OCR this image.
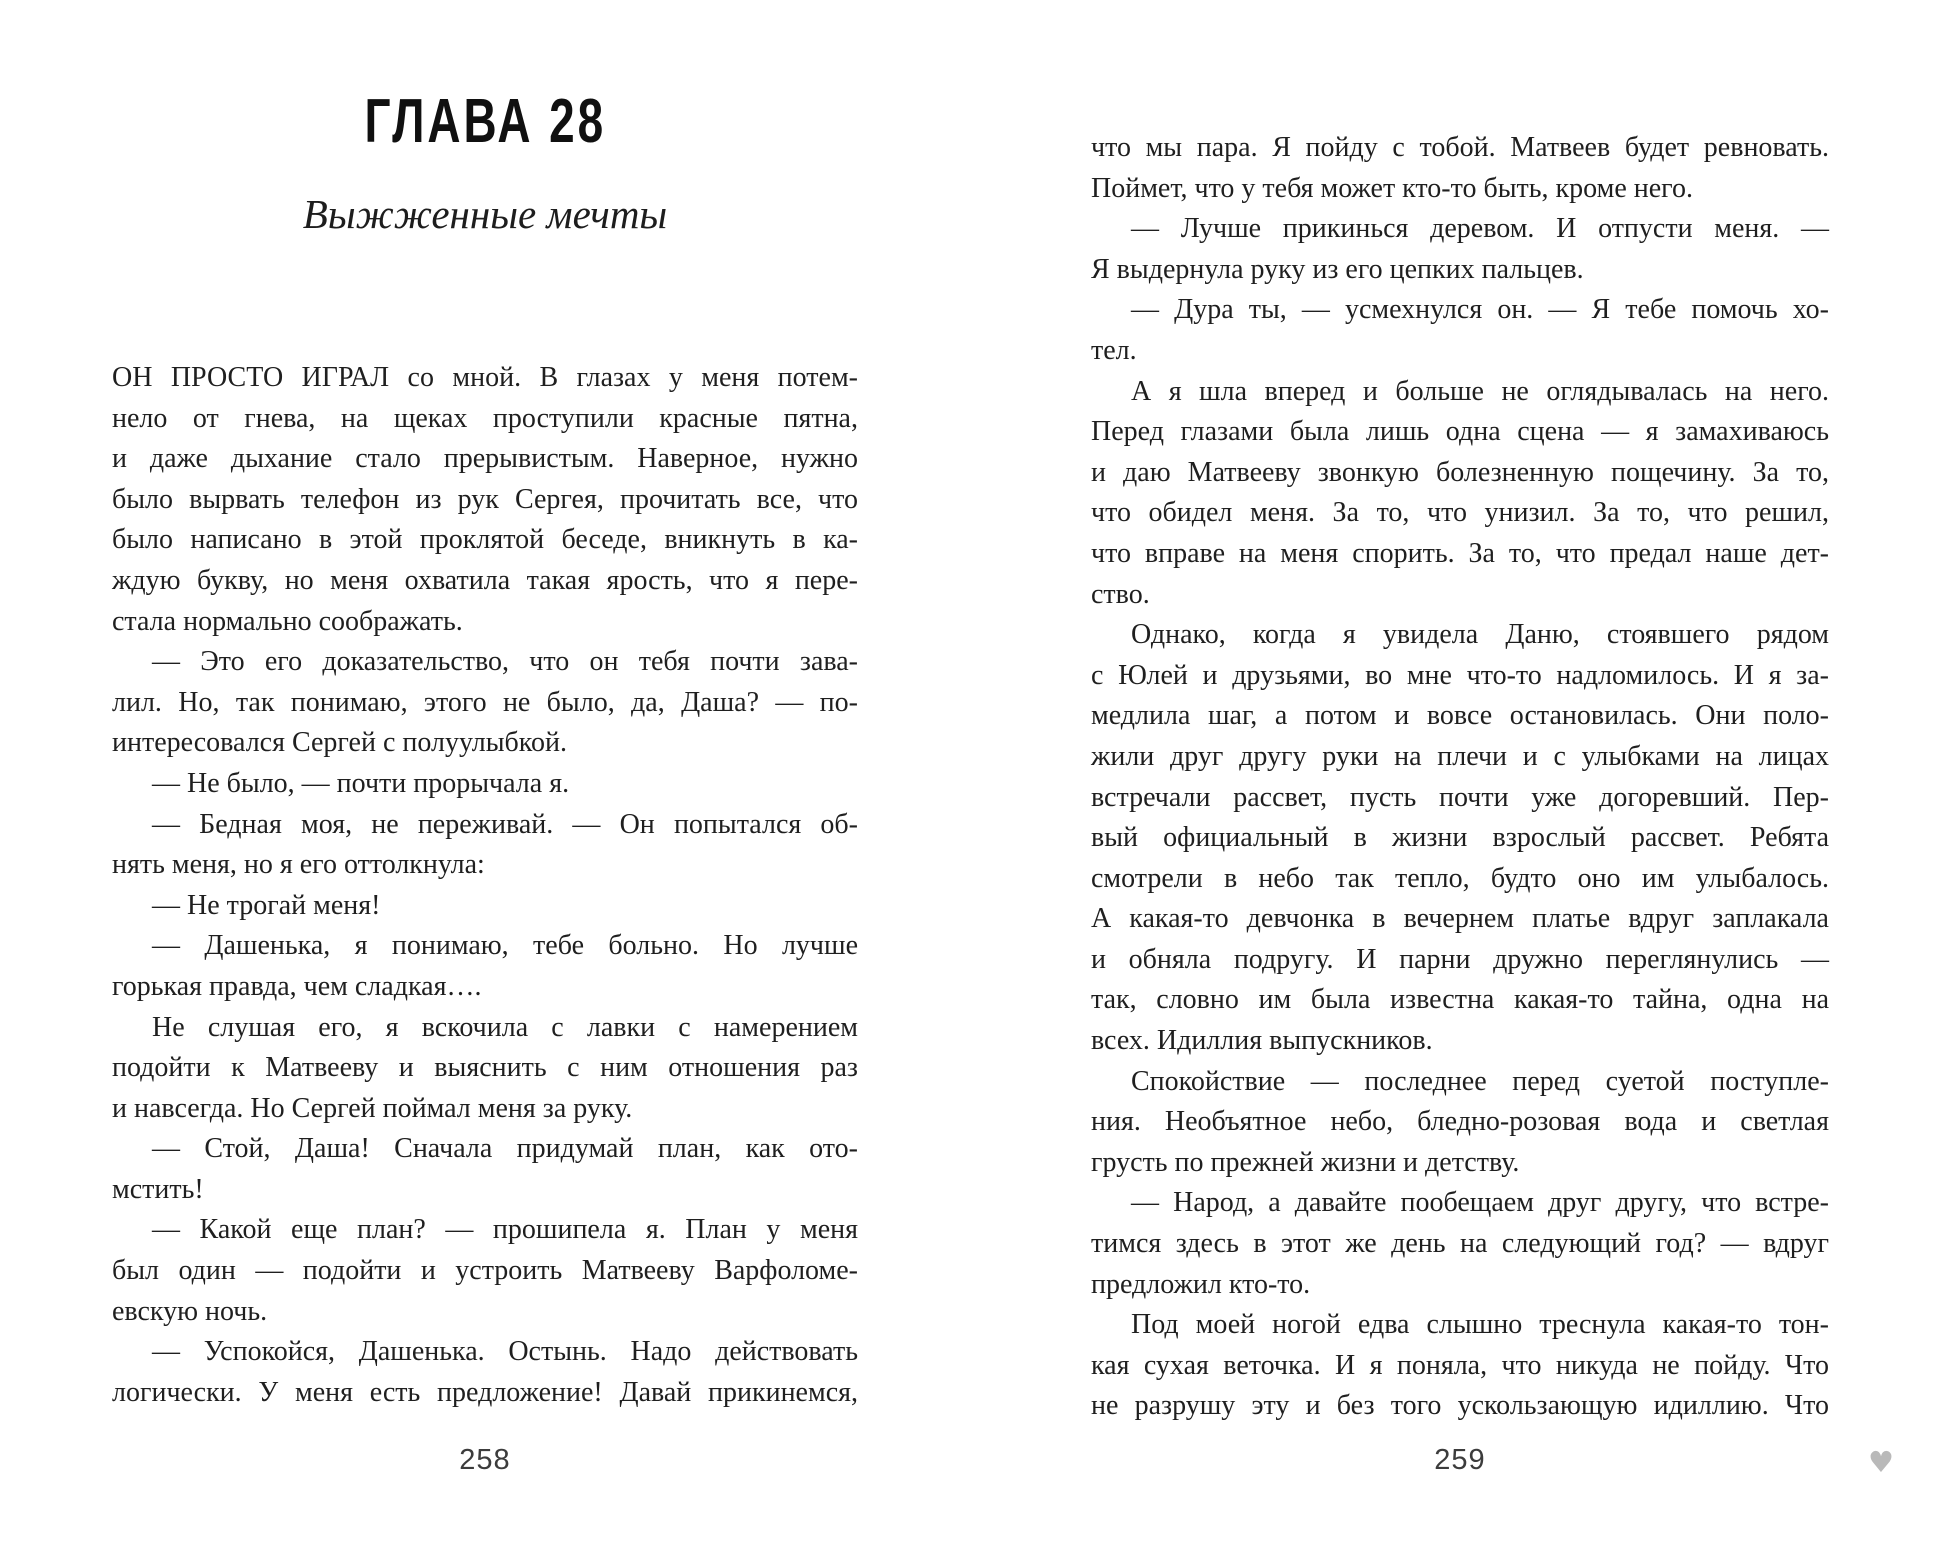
ГЛАВА 28
Выжженные мечты
ОН ПРОСТО ИГРАЛ со мной. В глазах у меня потем-
нело от гнева, на щеках проступили красные пятна,
и даже дыхание стало прерывистым. Наверное, нужно
было вырвать телефон из рук Сергея, прочитать все, что
было написано в этой проклятой беседе, вникнуть в ка-
ждую букву, но меня охватила такая ярость, что я пере-
стала нормально соображать.
— Это его доказательство, что он тебя почти зава-
лил. Но, так понимаю, этого не было, да, Даша? — по-
интересовался Сергей с полуулыбкой.
— Не было, — почти прорычала я.
— Бедная моя, не переживай. — Он попытался об-
нять меня, но я его оттолкнула:
— Не трогай меня!
— Дашенька, я понимаю, тебе больно. Но лучше
горькая правда, чем сладкая….
Не слушая его, я вскочила с лавки с намерением
подойти к Матвееву и выяснить с ним отношения раз
и навсегда. Но Сергей поймал меня за руку.
— Стой, Даша! Сначала придумай план, как ото-
мстить!
— Какой еще план? — прошипела я. План у меня
был один — подойти и устроить Матвееву Варфоломе-
евскую ночь.
— Успокойся, Дашенька. Остынь. Надо действовать
логически. У меня есть предложение! Давай прикинемся,
258
что мы пара. Я пойду с тобой. Матвеев будет ревновать.
Поймет, что у тебя может кто-то быть, кроме него.
— Лучше прикинься деревом. И отпусти меня. —
Я выдернула руку из его цепких пальцев.
— Дура ты, — усмехнулся он. — Я тебе помочь хо-
тел.
А я шла вперед и больше не оглядывалась на него.
Перед глазами была лишь одна сцена — я замахиваюсь
и даю Матвееву звонкую болезненную пощечину. За то,
что обидел меня. За то, что унизил. За то, что решил,
что вправе на меня спорить. За то, что предал наше дет-
ство.
Однако, когда я увидела Даню, стоявшего рядом
с Юлей и друзьями, во мне что-то надломилось. И я за-
медлила шаг, а потом и вовсе остановилась. Они поло-
жили друг другу руки на плечи и с улыбками на лицах
встречали рассвет, пусть почти уже догоревший. Пер-
вый официальный в жизни взрослый рассвет. Ребята
смотрели в небо так тепло, будто оно им улыбалось.
А какая-то девчонка в вечернем платье вдруг заплакала
и обняла подругу. И парни дружно переглянулись —
так, словно им была известна какая-то тайна, одна на
всех. Идиллия выпускников.
Спокойствие — последнее перед суетой поступле-
ния. Необъятное небо, бледно-розовая вода и светлая
грусть по прежней жизни и детству.
— Народ, а давайте пообещаем друг другу, что встре-
тимся здесь в этот же день на следующий год? — вдруг
предложил кто-то.
Под моей ногой едва слышно треснула какая-то тон-
кая сухая веточка. И я поняла, что никуда не пойду. Что
не разрушу эту и без того ускользающую идиллию. Что
259	♥
